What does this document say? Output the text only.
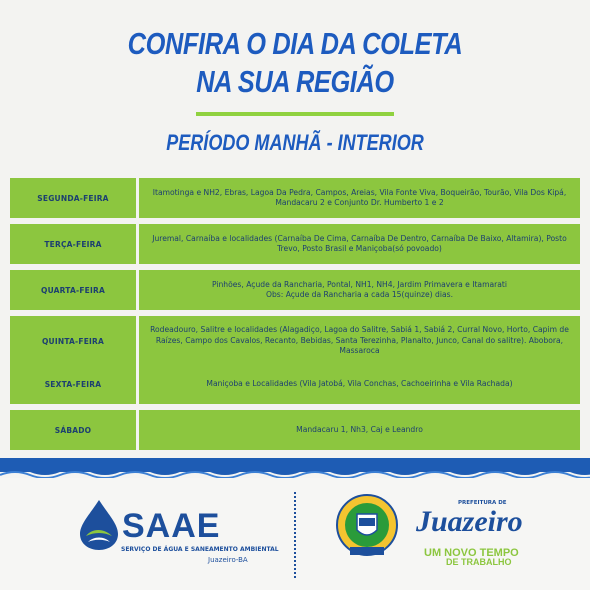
CONFIRA O DIA DA COLETA
NA SUA REGIÃO
PERÍODO MANHÃ - INTERIOR
SEGUNDA-FEIRA
Itamotinga e NH2, Ebras, Lagoa Da Pedra, Campos, Areias, Vila Fonte Viva, Boqueirão, Tourão, Vila Dos Kipá, Mandacaru 2 e Conjunto Dr. Humberto 1 e 2
TERÇA-FEIRA
Juremal, Carnaíba e localidades (Carnaíba De Cima, Carnaíba De Dentro, Carnaíba De Baixo, Altamira), Posto Trevo, Posto Brasil e Maniçoba(só povoado)
QUARTA-FEIRA
Pinhões, Açude da Rancharia, Pontal, NH1, NH4, Jardim Primavera e Itamarati
Obs: Açude da Rancharia a cada 15(quinze) dias.
QUINTA-FEIRA
Rodeadouro, Salitre e localidades (Alagadiço, Lagoa do Salitre, Sabiá 1, Sabiá 2, Curral Novo, Horto, Capim de Raízes, Campo dos Cavalos, Recanto, Bebidas, Santa Terezinha, Planalto, Junco, Canal do salitre). Abobora, Massaroca
SEXTA-FEIRA	Maniçoba e Localidades (Vila Jatobá, Vila Conchas, Cachoeirinha e Vila Rachada)
SÁBADO	Mandacaru 1, Nh3, Caj e Leandro
SAAE
SERVIÇO DE ÁGUA E SANEAMENTO AMBIENTAL
Juazeiro-BA
PREFEITURA DE
Juazeiro
UM NOVO TEMPO
DE TRABALHO
